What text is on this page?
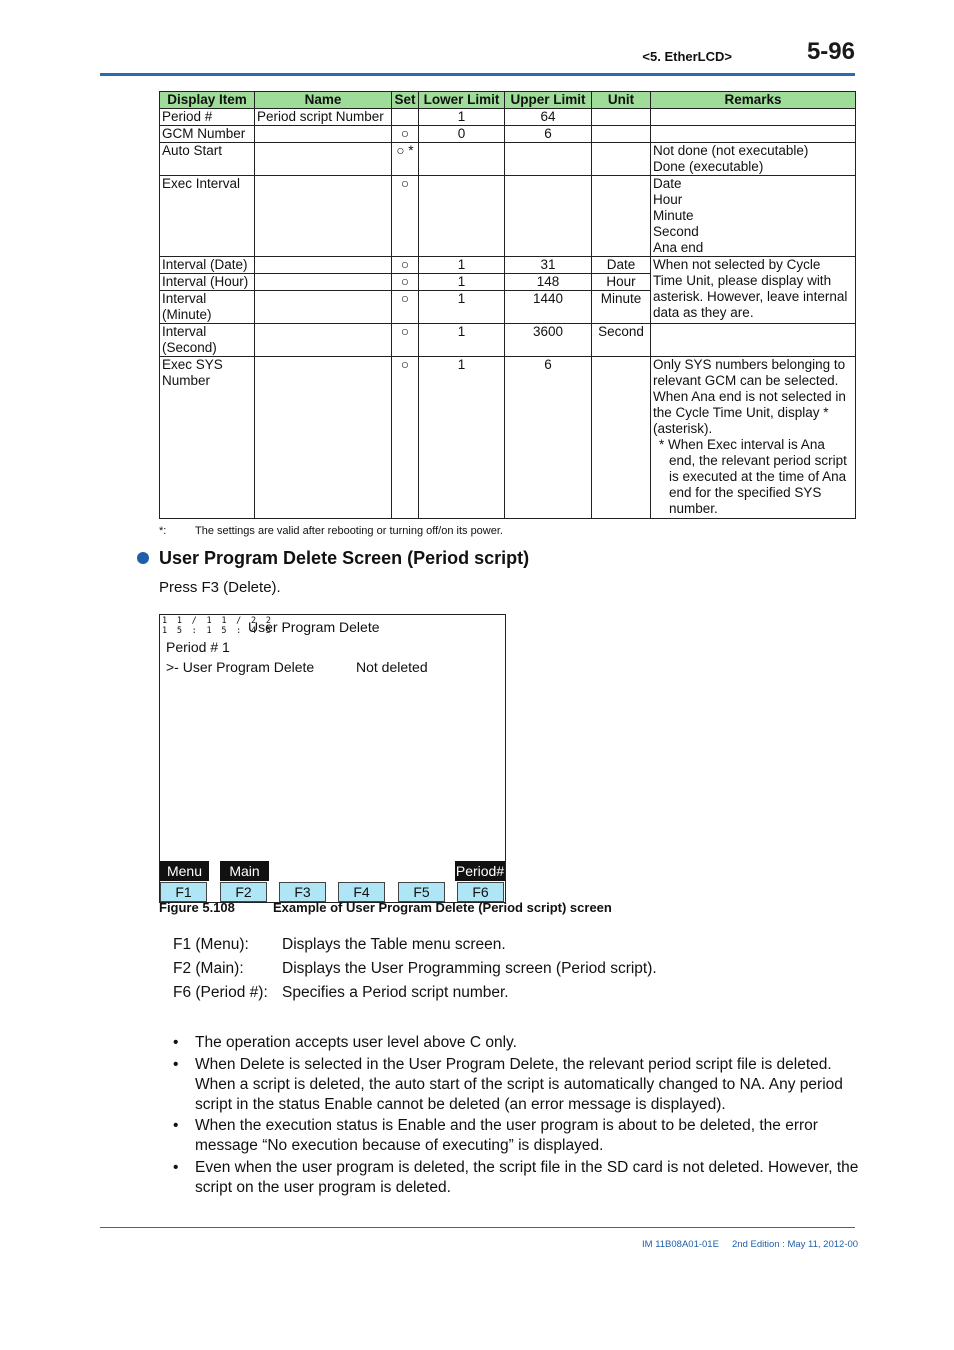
<5. EtherLCD>	5-96
Display Item	Name	Set	Lower Limit	Upper Limit	Unit	Remarks
Period #	Period script Number		1	64		
GCM Number		○	0	6		
Auto Start		○ *				Not done (not executable)
Done (executable)

Exec Interval		○				Date
Hour
Minute
Second
Ana end

Interval (Date)		○	1	31	Date	When not selected by Cycle Time Unit, please display with asterisk. However, leave internal data as they are.
Interval (Hour)		○	1	148	Hour	
Interval (Minute)		○	1	1440	Minute	
Interval (Second)		○	1	3600	Second	
Exec SYS Number		○	1	6		Only SYS numbers belonging to relevant GCM can be selected. When Ana end is not selected in the Cycle Time Unit, display * (asterisk).
* When Exec interval is Ana end, the relevant period script is executed at the time of Ana end for the specified SYS number.
*:	The settings are valid after rebooting or turning off/on its power.
User Program Delete Screen (Period script)
Press F3 (Delete).
1 1 / 1 1 / 2 2
1 5 : 1 5 : 4 5
User Program Delete
Period # 1
>- User Program Delete	Not deleted
Menu	Main	Period#
F1	F2	F3	F4	F5	F6
Figure 5.108	Example of User Program Delete (Period script) screen
F1 (Menu): Displays the Table menu screen.
F2 (Main): Displays the User Programming screen (Period script).
F6 (Period #): Specifies a Period script number.
• The operation accepts user level above C only.
• When Delete is selected in the User Program Delete, the relevant period script file is deleted. When a script is deleted, the auto start of the script is automatically changed to NA. Any period script in the status Enable cannot be deleted (an error message is displayed).
• When the execution status is Enable and the user program is about to be deleted, the error message “No execution because of executing” is displayed.
• Even when the user program is deleted, the script file in the SD card is not deleted. However, the script on the user program is deleted.
IM 11B08A01-01E 2nd Edition : May 11, 2012-00
